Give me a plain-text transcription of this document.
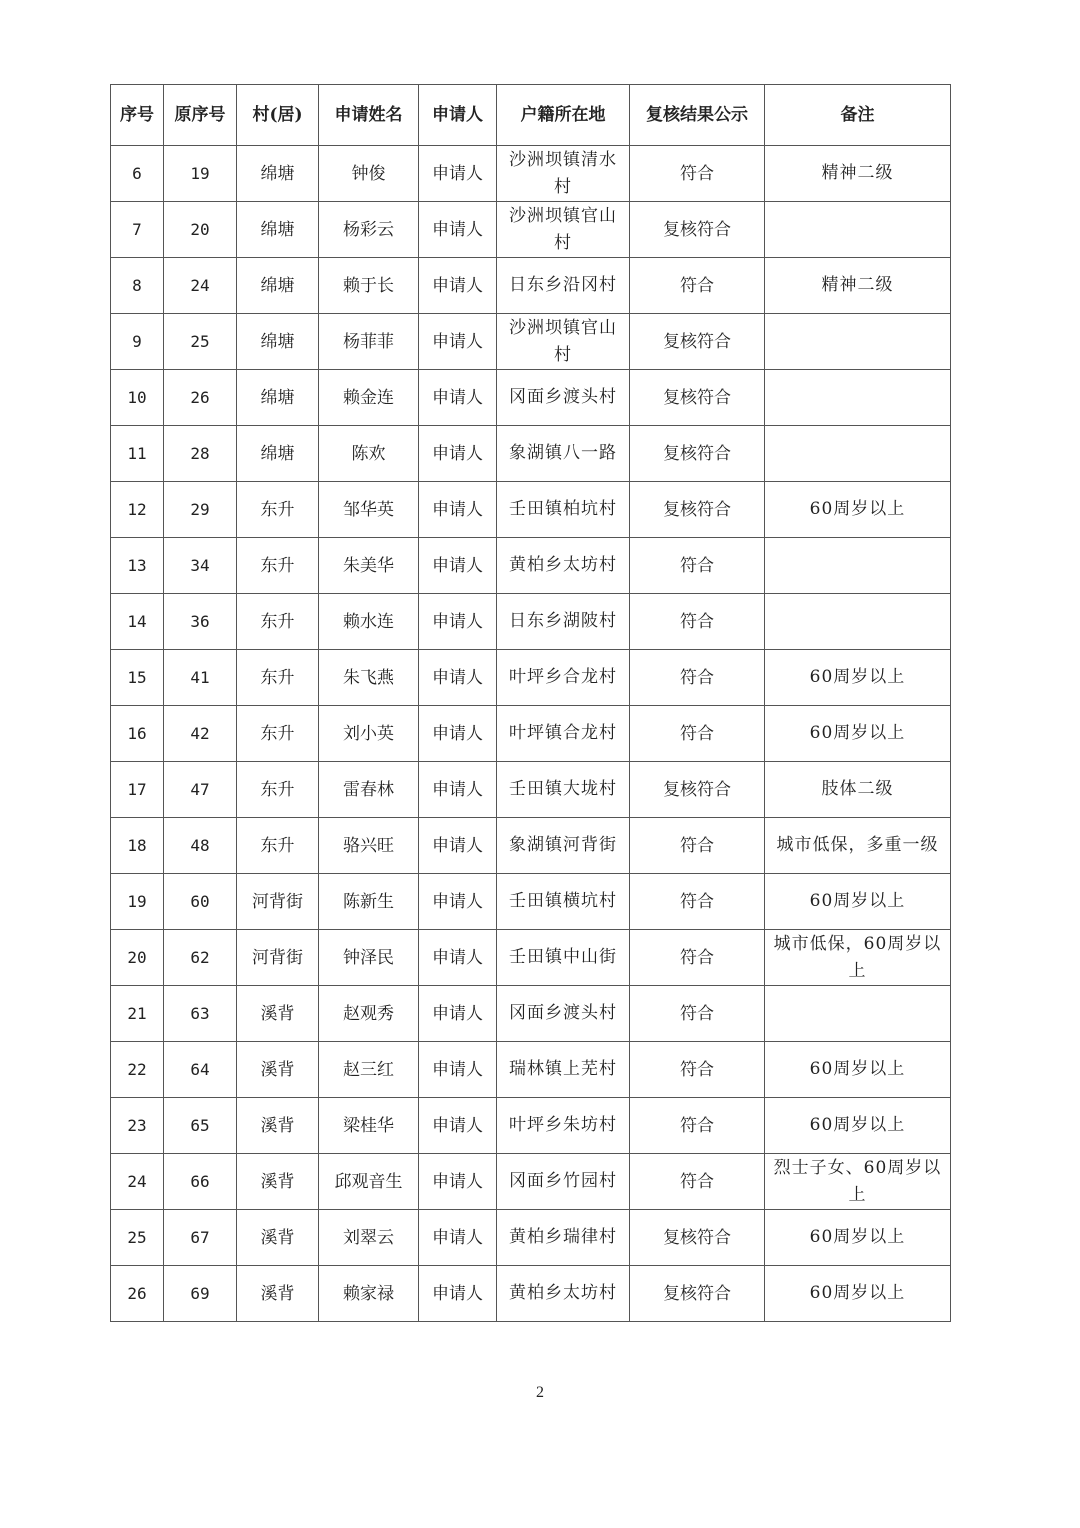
序号	原序号	村(居)	申请姓名	申请人	户籍所在地	复核结果公示	备注
6	19	绵塘	钟俊	申请人	沙洲坝镇清水村	符合	精神二级
7	20	绵塘	杨彩云	申请人	沙洲坝镇官山村	复核符合	
8	24	绵塘	赖于长	申请人	日东乡沿冈村	符合	精神二级
9	25	绵塘	杨菲菲	申请人	沙洲坝镇官山村	复核符合	
10	26	绵塘	赖金连	申请人	冈面乡渡头村	复核符合	
11	28	绵塘	陈欢	申请人	象湖镇八一路	复核符合	
12	29	东升	邹华英	申请人	壬田镇柏坑村	复核符合	60周岁以上
13	34	东升	朱美华	申请人	黄柏乡太坊村	符合	
14	36	东升	赖水连	申请人	日东乡湖陂村	符合	
15	41	东升	朱飞燕	申请人	叶坪乡合龙村	符合	60周岁以上
16	42	东升	刘小英	申请人	叶坪镇合龙村	符合	60周岁以上
17	47	东升	雷春林	申请人	壬田镇大垅村	复核符合	肢体二级
18	48	东升	骆兴旺	申请人	象湖镇河背街	符合	城市低保，多重一级
19	60	河背街	陈新生	申请人	壬田镇横坑村	符合	60周岁以上
20	62	河背街	钟泽民	申请人	壬田镇中山街	符合	城市低保，60周岁以上
21	63	溪背	赵观秀	申请人	冈面乡渡头村	符合	
22	64	溪背	赵三红	申请人	瑞林镇上芜村	符合	60周岁以上
23	65	溪背	梁桂华	申请人	叶坪乡朱坊村	符合	60周岁以上
24	66	溪背	邱观音生	申请人	冈面乡竹园村	符合	烈士子女、60周岁以上
25	67	溪背	刘翠云	申请人	黄柏乡瑞律村	复核符合	60周岁以上
26	69	溪背	赖家禄	申请人	黄柏乡太坊村	复核符合	60周岁以上
2
